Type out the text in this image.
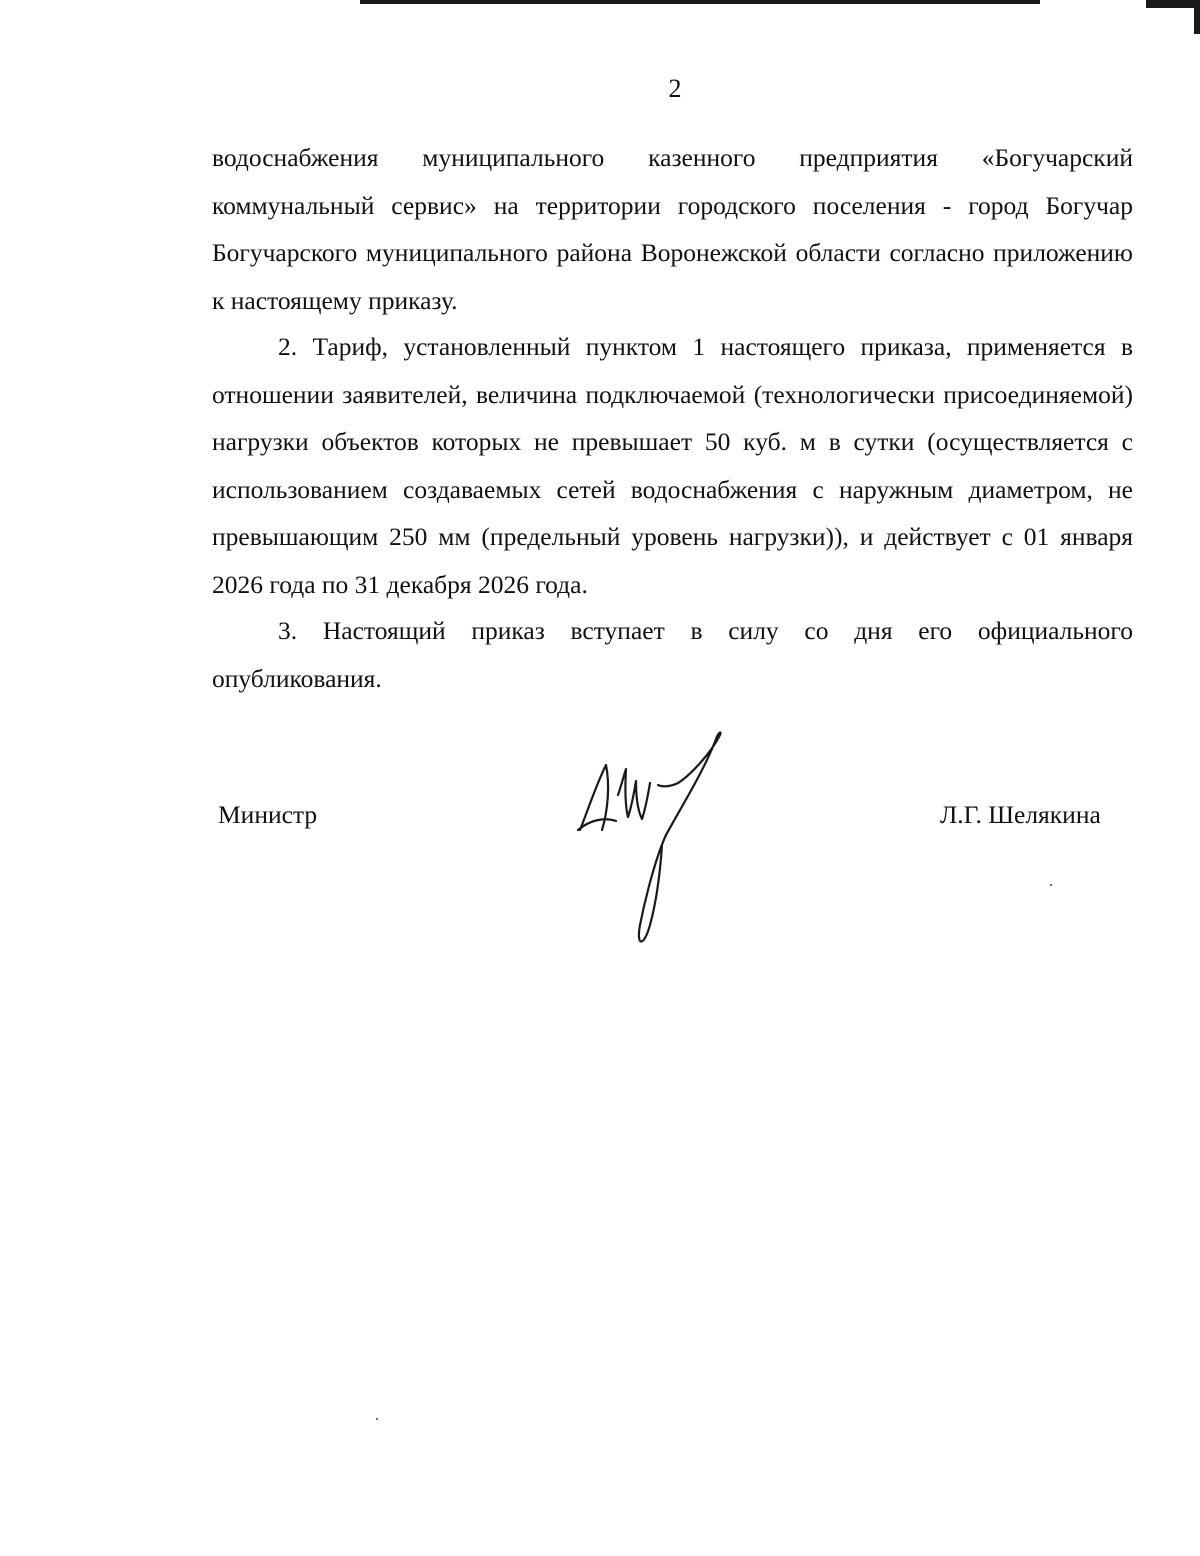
2

водоснабжения муниципального казенного предприятия «Богучарский коммунальный сервис» на территории городского поселения - город Богучар Богучарского муниципального района Воронежской области согласно приложению к настоящему приказу.

2. Тариф, установленный пунктом 1 настоящего приказа, применяется в отношении заявителей, величина подключаемой (технологически присоединяемой) нагрузки объектов которых не превышает 50 куб. м в сутки (осуществляется с использованием создаваемых сетей водоснабжения с наружным диаметром, не превышающим 250 мм (предельный уровень нагрузки)), и действует с 01 января 2026 года по 31 декабря 2026 года.

3. Настоящий приказ вступает в силу со дня его официального опубликования.

Министр	Л.Г. Шелякина
